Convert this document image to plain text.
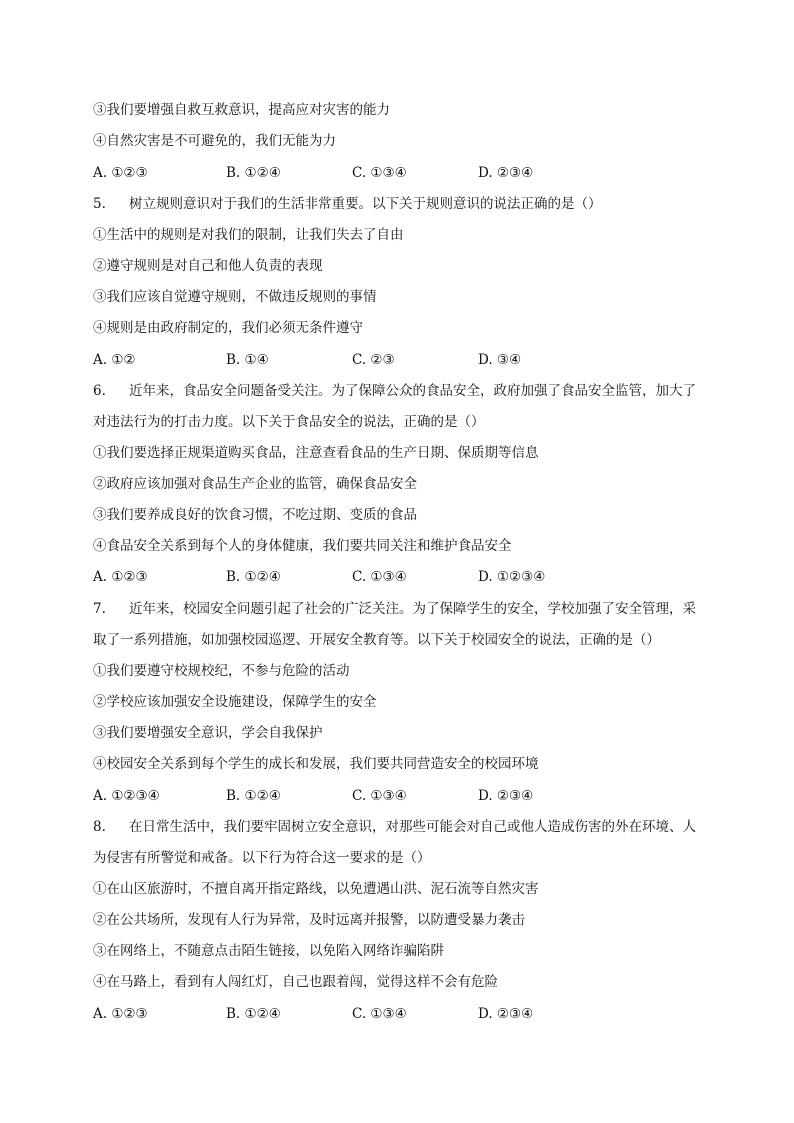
③我们要增强自救互救意识，提高应对灾害的能力
④自然灾害是不可避免的，我们无能为力
A. ①②③	B. ①②④	C. ①③④	D. ②③④
5. 树立规则意识对于我们的生活非常重要。以下关于规则意识的说法正确的是（）
①生活中的规则是对我们的限制，让我们失去了自由
②遵守规则是对自己和他人负责的表现
③我们应该自觉遵守规则，不做违反规则的事情
④规则是由政府制定的，我们必须无条件遵守
A. ①②	B. ①④	C. ②③	D. ③④
6. 近年来，食品安全问题备受关注。为了保障公众的食品安全，政府加强了食品安全监管，加大了
对违法行为的打击力度。以下关于食品安全的说法，正确的是（）
①我们要选择正规渠道购买食品，注意查看食品的生产日期、保质期等信息
②政府应该加强对食品生产企业的监管，确保食品安全
③我们要养成良好的饮食习惯，不吃过期、变质的食品
④食品安全关系到每个人的身体健康，我们要共同关注和维护食品安全
A. ①②③	B. ①②④	C. ①③④	D. ①②③④
7. 近年来，校园安全问题引起了社会的广泛关注。为了保障学生的安全，学校加强了安全管理，采
取了一系列措施，如加强校园巡逻、开展安全教育等。以下关于校园安全的说法，正确的是（）
①我们要遵守校规校纪，不参与危险的活动
②学校应该加强安全设施建设，保障学生的安全
③我们要增强安全意识，学会自我保护
④校园安全关系到每个学生的成长和发展，我们要共同营造安全的校园环境
A. ①②③④	B. ①②④	C. ①③④	D. ②③④
8. 在日常生活中，我们要牢固树立安全意识，对那些可能会对自己或他人造成伤害的外在环境、人
为侵害有所警觉和戒备。以下行为符合这一要求的是（）
①在山区旅游时，不擅自离开指定路线，以免遭遇山洪、泥石流等自然灾害
②在公共场所，发现有人行为异常，及时远离并报警，以防遭受暴力袭击
③在网络上，不随意点击陌生链接，以免陷入网络诈骗陷阱
④在马路上，看到有人闯红灯，自己也跟着闯，觉得这样不会有危险
A. ①②③	B. ①②④	C. ①③④	D. ②③④
